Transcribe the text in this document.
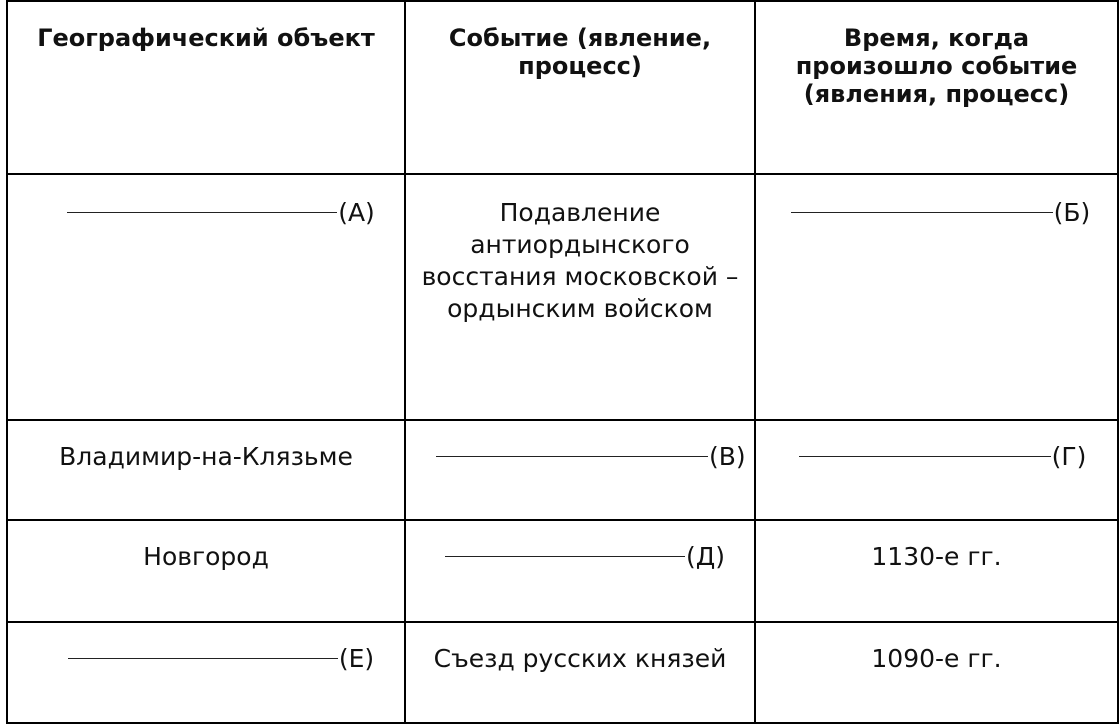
Географический объект	Событие (явление, процесс)	Время, когда произошло событие (явления, процесс)

(А)	Подавление антиордынского восстания московской – ордынским войском	(Б)

Владимир-на-Клязьме	(В)	(Г)

Новгород	(Д)	1130-е гг.

(Е)	Съезд русских князей	1090-е гг.
